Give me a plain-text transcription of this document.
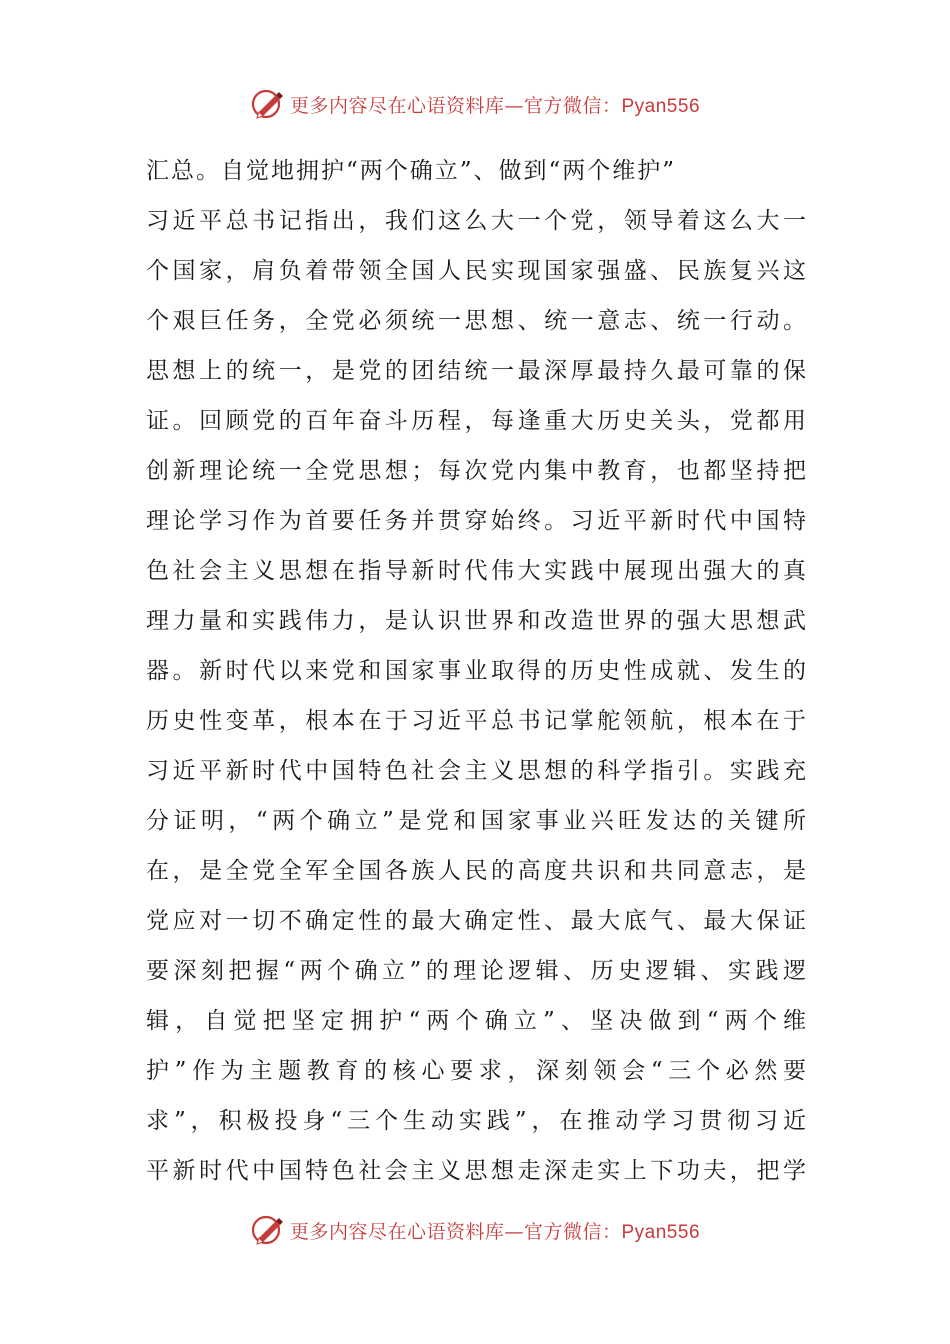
更多内容尽在心语资料库—官方微信：Pyan556
汇总。自觉地拥护“两个确立”、做到“两个维护”
习近平总书记指出，我们这么大一个党，领导着这么大一
个国家，肩负着带领全国人民实现国家强盛、民族复兴这
个艰巨任务，全党必须统一思想、统一意志、统一行动。
思想上的统一，是党的团结统一最深厚最持久最可靠的保
证。回顾党的百年奋斗历程，每逢重大历史关头，党都用
创新理论统一全党思想；每次党内集中教育，也都坚持把
理论学习作为首要任务并贯穿始终。习近平新时代中国特
色社会主义思想在指导新时代伟大实践中展现出强大的真
理力量和实践伟力，是认识世界和改造世界的强大思想武
器。新时代以来党和国家事业取得的历史性成就、发生的
历史性变革，根本在于习近平总书记掌舵领航，根本在于
习近平新时代中国特色社会主义思想的科学指引。实践充
分证明，“两个确立”是党和国家事业兴旺发达的关键所
在，是全党全军全国各族人民的高度共识和共同意志，是
党应对一切不确定性的最大确定性、最大底气、最大保证
要深刻把握“两个确立”的理论逻辑、历史逻辑、实践逻
辑，自觉把坚定拥护“两个确立”、坚决做到“两个维
护”作为主题教育的核心要求，深刻领会“三个必然要
求”，积极投身“三个生动实践”，在推动学习贯彻习近
平新时代中国特色社会主义思想走深走实上下功夫，把学
更多内容尽在心语资料库—官方微信：Pyan556
